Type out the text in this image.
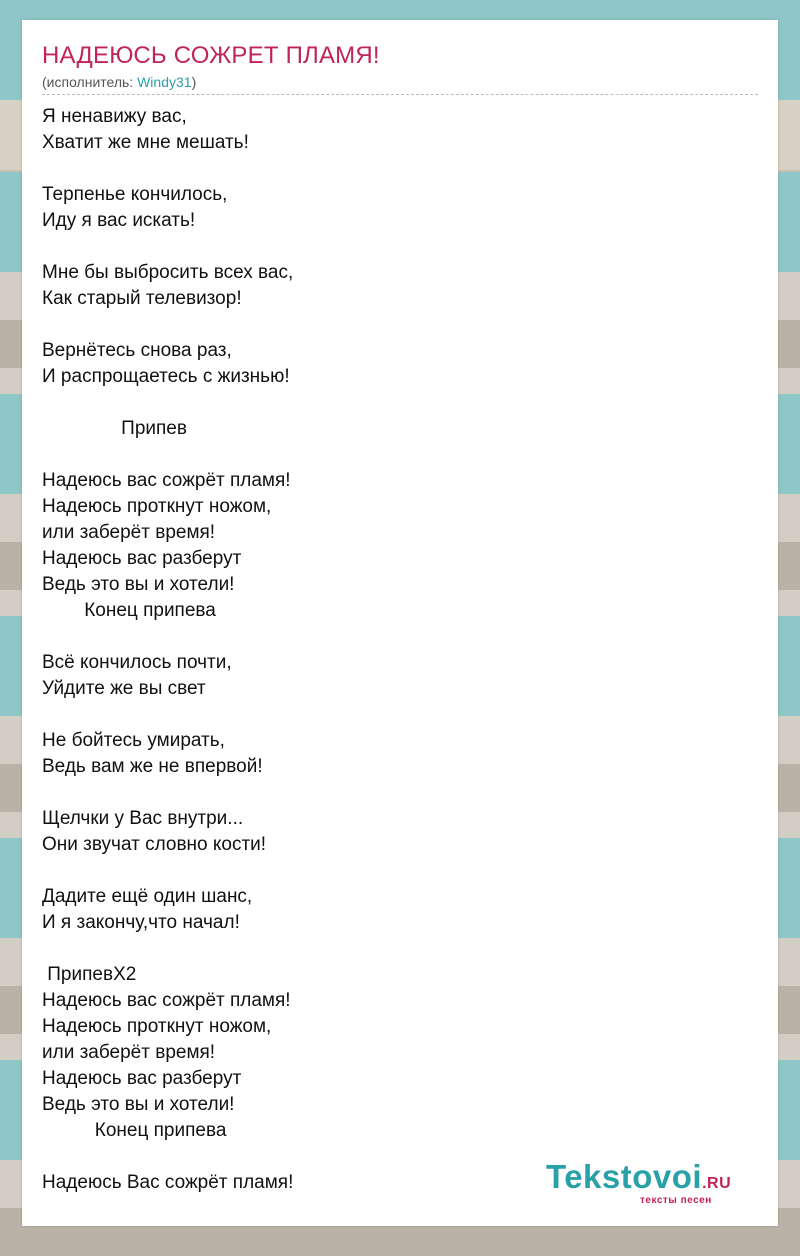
НАДЕЮСЬ СОЖРЕТ ПЛАМЯ!
(исполнитель: Windy31)
Я ненавижу вас,
Хватит же мне мешать!

Терпенье кончилось,
Иду я вас искать!

Мне бы выбросить всех вас,
Как старый телевизор!

Вернётесь снова раз,
И распрощаетесь с жизнью!

Припев

Надеюсь вас сожрёт пламя!
Надеюсь проткнут ножом,
или заберёт время!
Надеюсь вас разберут
Ведь это вы и хотели!
Конец припева

Всё кончилось почти,
Уйдите же вы свет

Не бойтесь умирать,
Ведь вам же не впервой!

Щелчки у Вас внутри...
Они звучат словно кости!

Дадите ещё один шанс,
И я закончу,что начал!

ПрипевХ2
Надеюсь вас сожрёт пламя!
Надеюсь проткнут ножом,
или заберёт время!
Надеюсь вас разберут
Ведь это вы и хотели!
Конец припева

Надеюсь Вас сожрёт пламя!	Tekstovoi.RU
тексты песен
